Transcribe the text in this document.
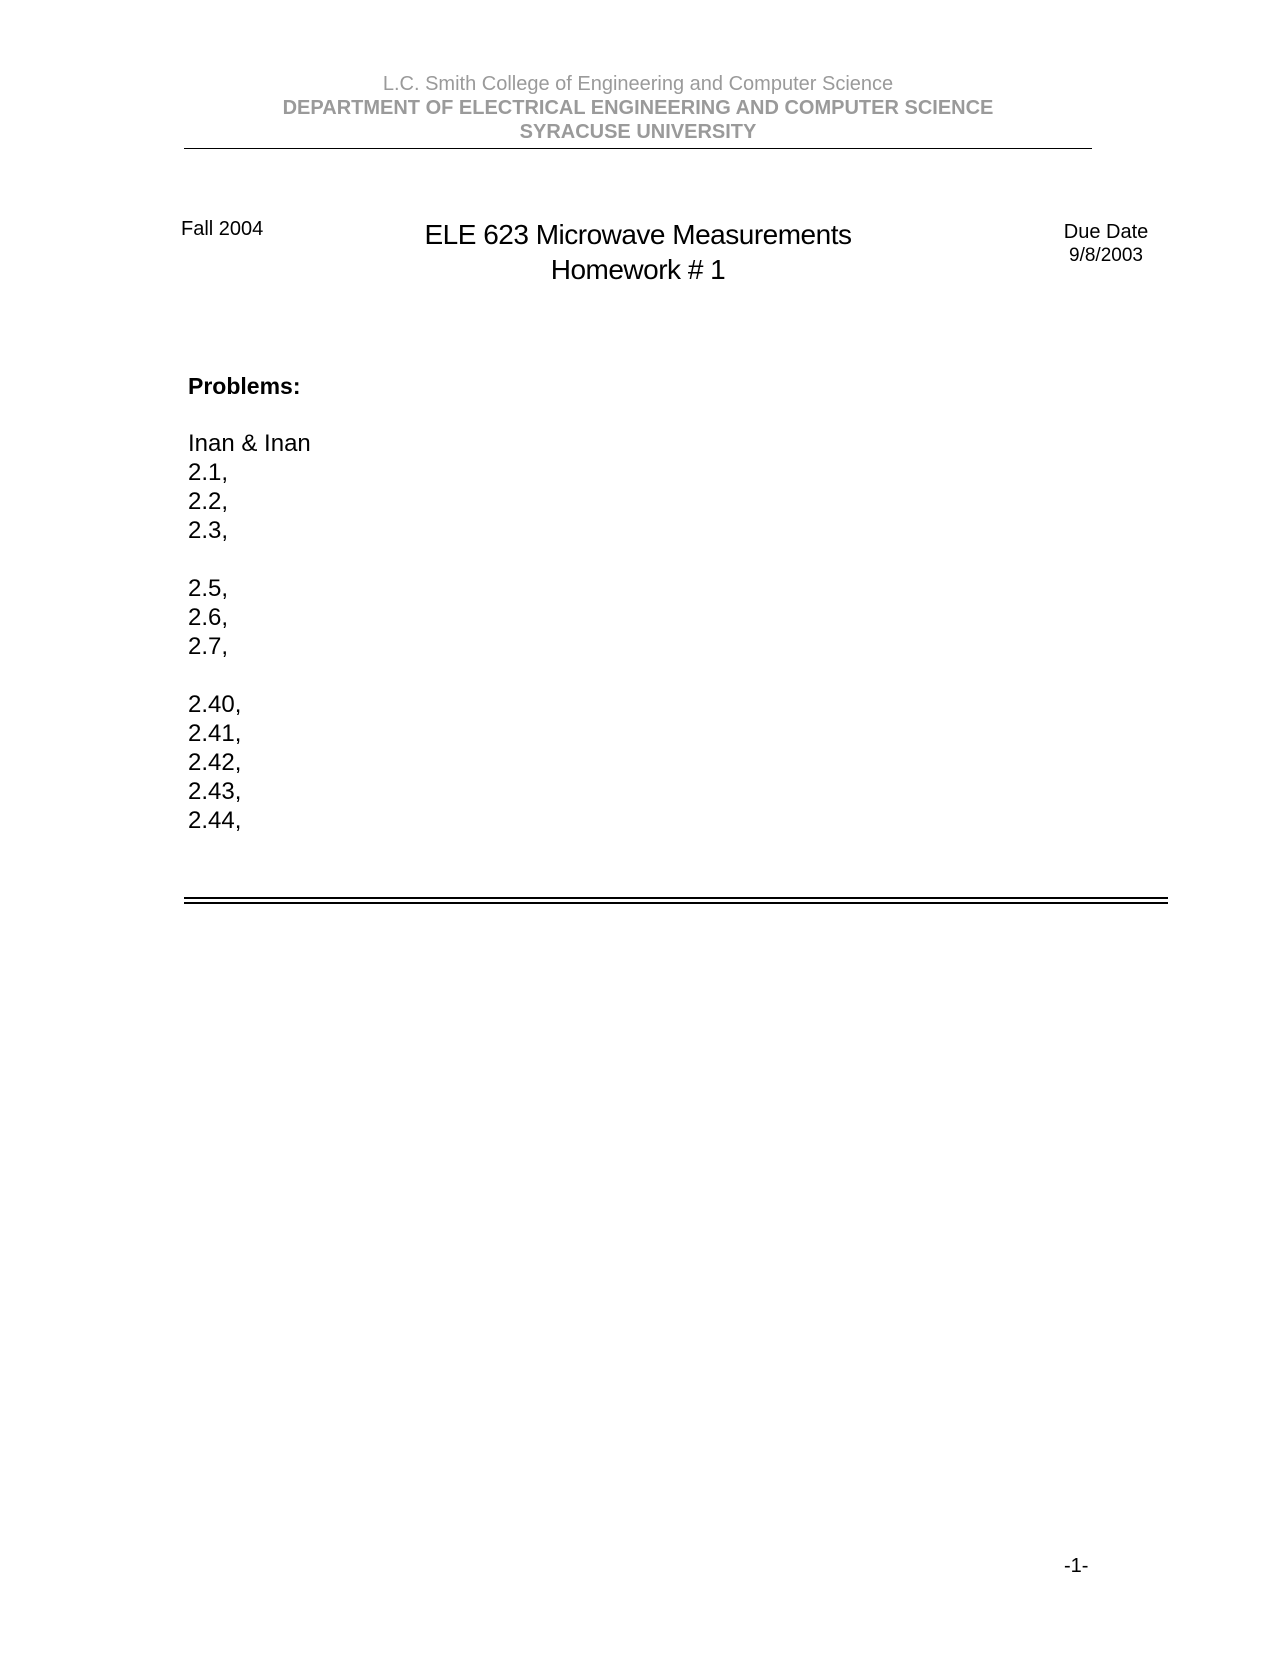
L.C. Smith College of Engineering and Computer Science
DEPARTMENT OF ELECTRICAL ENGINEERING AND COMPUTER SCIENCE
SYRACUSE UNIVERSITY
Fall 2004	ELE 623 Microwave Measurements
Homework # 1
Due Date
9/8/2003
Problems:
Inan & Inan
2.1,
2.2,
2.3,
2.5,
2.6,
2.7,
2.40,
2.41,
2.42,
2.43,
2.44,
-1-
